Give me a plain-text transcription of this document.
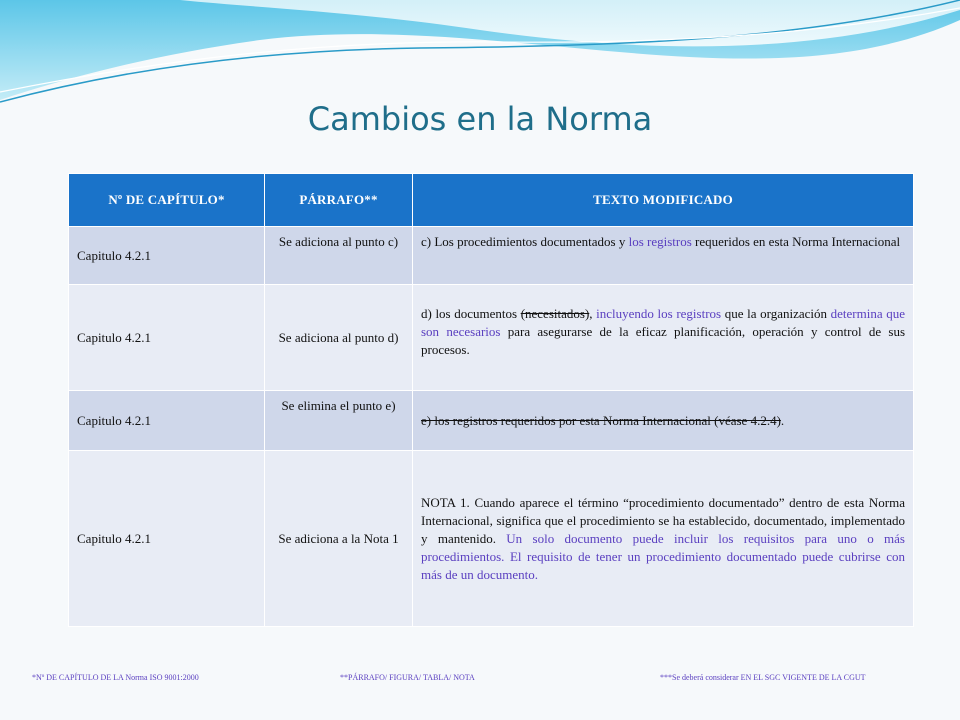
Cambios en la Norma
Nº DE CAPÍTULO*	PÁRRAFO**	TEXTO MODIFICADO
Capitulo 4.2.1	Se adiciona al punto c)	c) Los procedimientos documentados y los registros requeridos en esta Norma Internacional
Capitulo 4.2.1	Se adiciona al punto d)	d) los documentos (necesitados), incluyendo los registros que la organización determina que son necesarios para asegurarse de la eficaz planificación, operación y control de sus procesos.
Capitulo 4.2.1	Se elimina el punto e)	e) los registros requeridos por esta Norma Internacional (véase 4.2.4).
Capitulo 4.2.1	Se adiciona a la Nota 1	NOTA 1. Cuando aparece el término “procedimiento documentado” dentro de esta Norma Internacional, significa que el procedimiento se ha establecido, documentado, implementado y mantenido. Un solo documento puede incluir los requisitos para uno o más procedimientos. El requisito de tener un procedimiento documentado puede cubrirse con más de un documento.
*Nº DE CAPÍTULO DE LA Norma ISO 9001:2000	**PÁRRAFO/ FIGURA/ TABLA/ NOTA	***Se deberá considerar EN EL SGC VIGENTE DE LA CGUT
